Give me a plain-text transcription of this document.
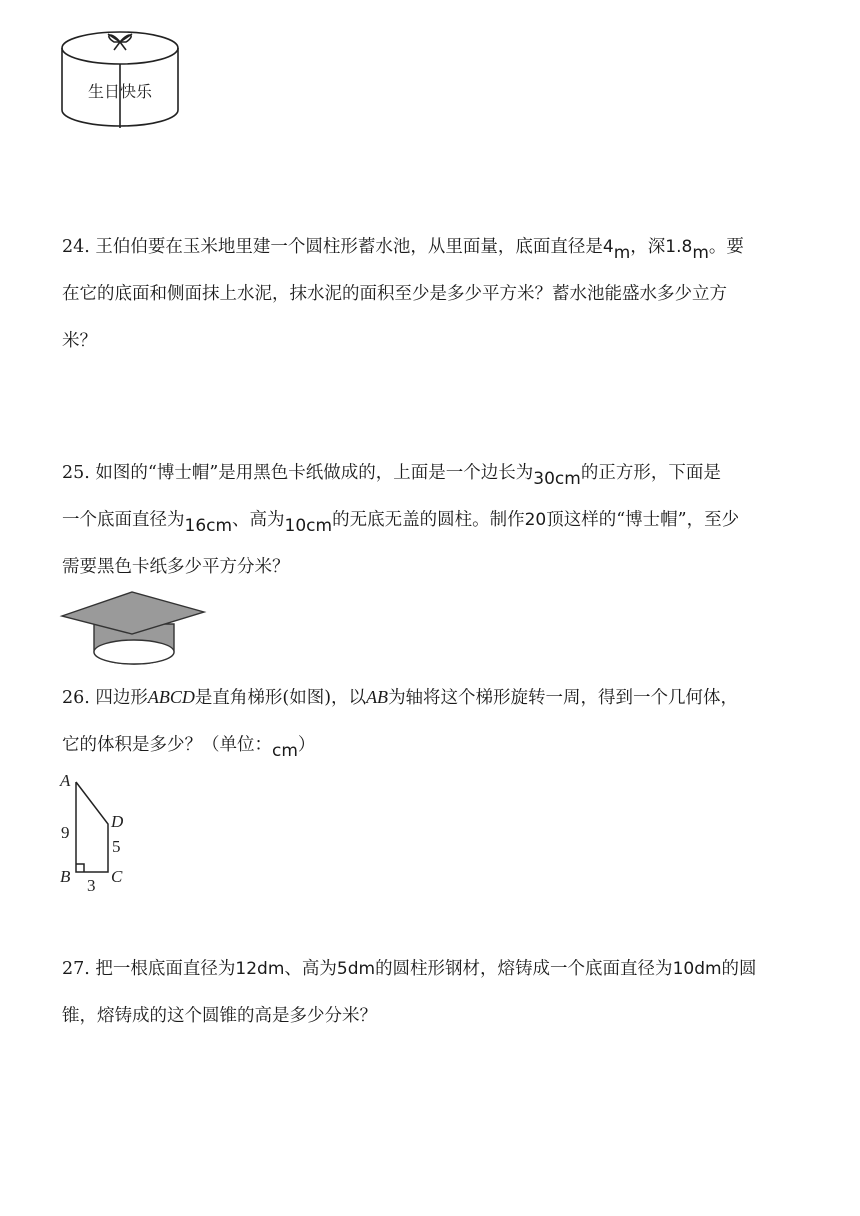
生日快乐
24. 王伯伯要在玉米地里建一个圆柱形蓄水池，从里面量，底面直径是4m，深1.8m。要
在它的底面和侧面抹上水泥，抹水泥的面积至少是多少平方米？蓄水池能盛水多少立方
米？
25. 如图的“博士帽”是用黑色卡纸做成的，上面是一个边长为30cm的正方形，下面是
一个底面直径为16cm、高为10cm的无底无盖的圆柱。制作20顶这样的“博士帽”，至少
需要黑色卡纸多少平方分米？
26. 四边形ABCD是直角梯形(如图)，以AB为轴将这个梯形旋转一周，得到一个几何体，
它的体积是多少？（单位：cm）
A
D
B C
9
5
3
27. 把一根底面直径为12dm、高为5dm的圆柱形钢材，熔铸成一个底面直径为10dm的圆
锥，熔铸成的这个圆锥的高是多少分米？
